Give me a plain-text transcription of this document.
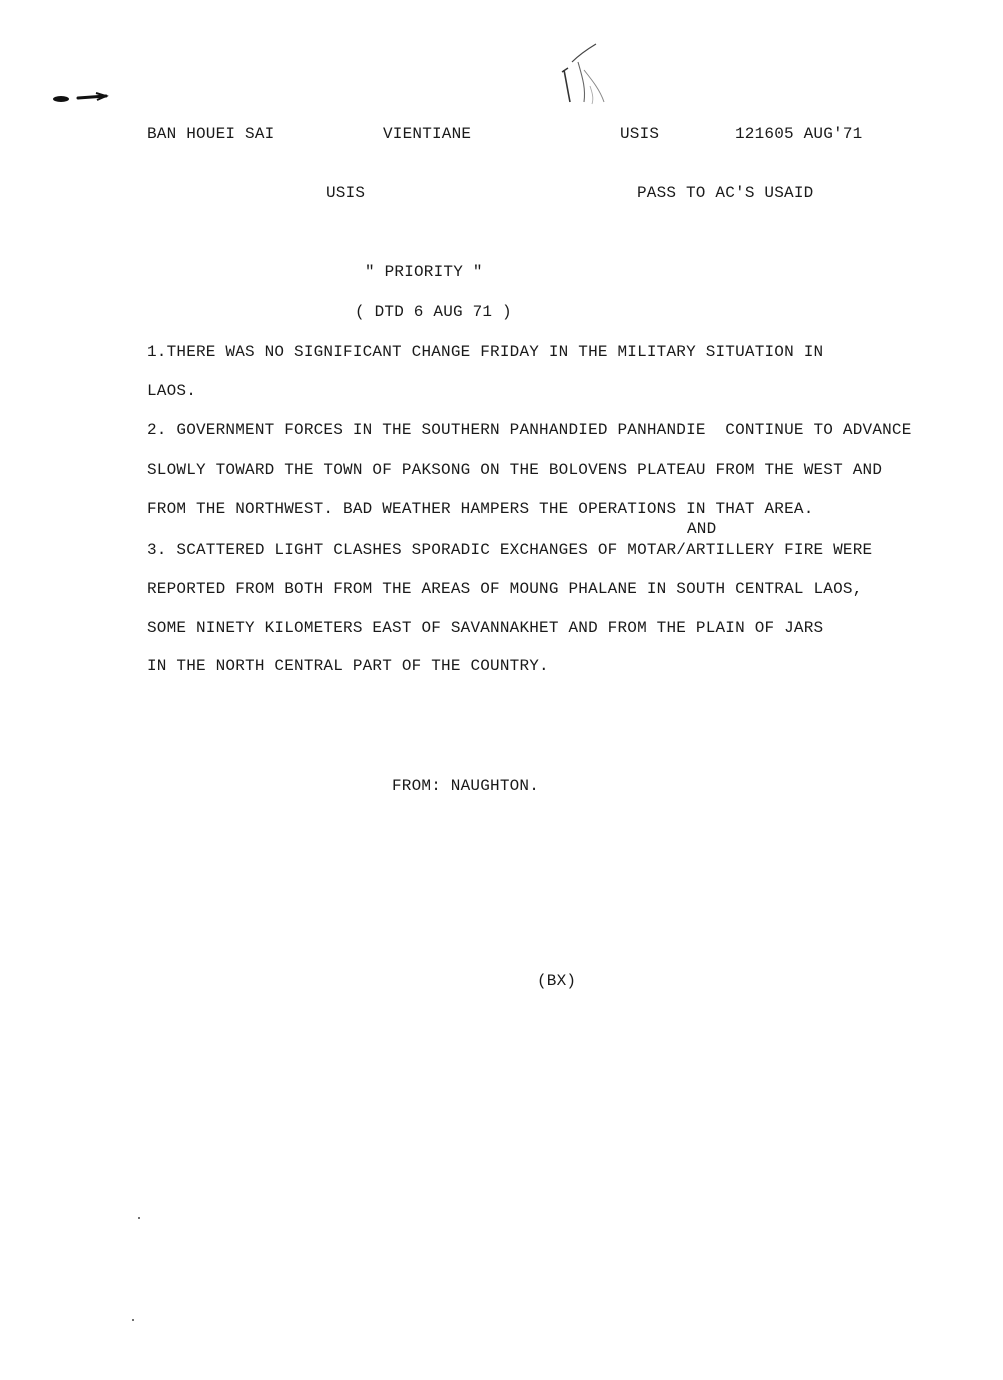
BAN HOUEI SAI	VIENTIANE	USIS	121605 AUG'71
USIS	PASS TO AC'S USAID
" PRIORITY "
( DTD 6 AUG 71 )
1.THERE WAS NO SIGNIFICANT CHANGE FRIDAY IN THE MILITARY SITUATION IN
LAOS.
2. GOVERNMENT FORCES IN THE SOUTHERN PANHANDIED PANHANDIE  CONTINUE TO ADVANCE
SLOWLY TOWARD THE TOWN OF PAKSONG ON THE BOLOVENS PLATEAU FROM THE WEST AND
FROM THE NORTHWEST. BAD WEATHER HAMPERS THE OPERATIONS IN THAT AREA.
AND
3. SCATTERED LIGHT CLASHES SPORADIC EXCHANGES OF MOTAR/ARTILLERY FIRE WERE
REPORTED FROM BOTH FROM THE AREAS OF MOUNG PHALANE IN SOUTH CENTRAL LAOS,
SOME NINETY KILOMETERS EAST OF SAVANNAKHET AND FROM THE PLAIN OF JARS
IN THE NORTH CENTRAL PART OF THE COUNTRY.
FROM: NAUGHTON.
(BX)
